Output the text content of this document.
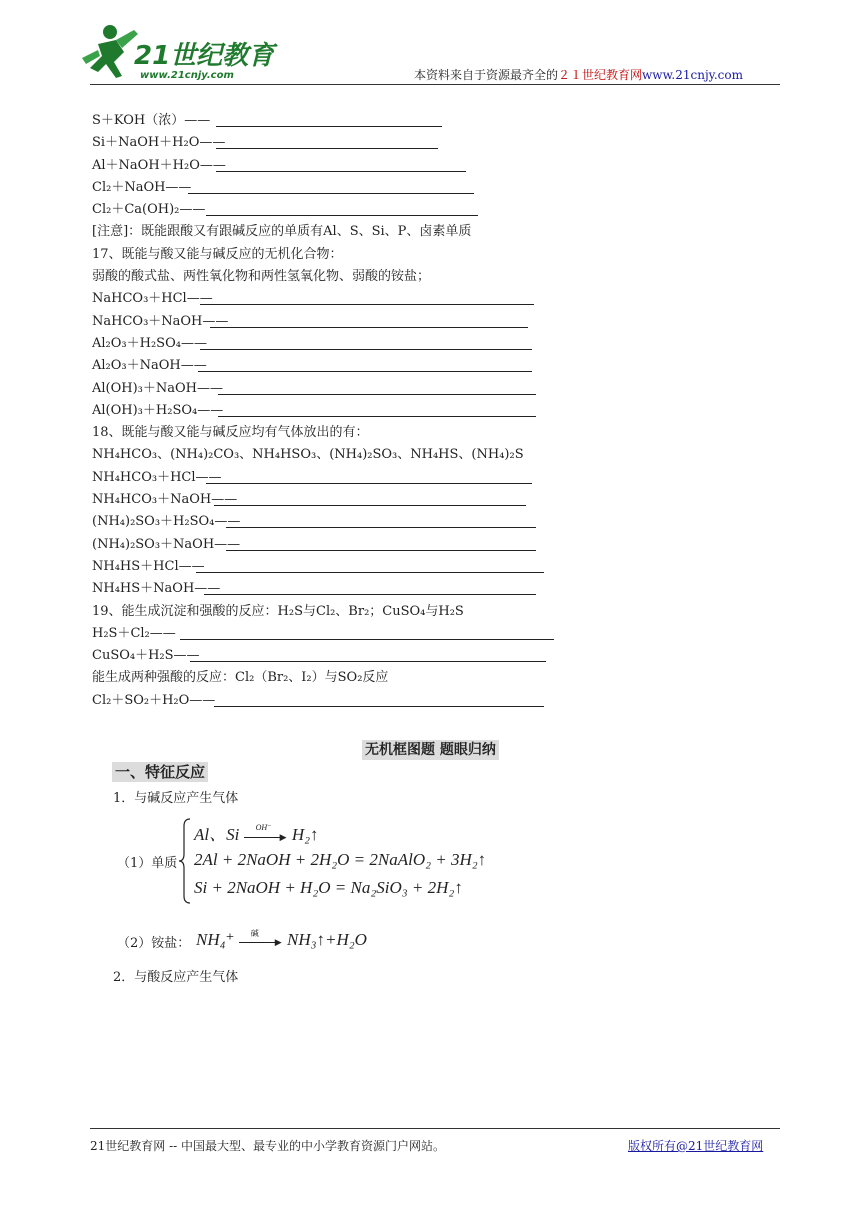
21世纪教育
www.21cnjy.com	本资料来自于资源最齐全的２１世纪教育网www.21cnjy.com
S＋KOH（浓）——
Si＋NaOH＋H₂O——
Al＋NaOH＋H₂O——
Cl₂＋NaOH——
Cl₂＋Ca(OH)₂——
[注意]：既能跟酸又有跟碱反应的单质有Al、S、Si、P、卤素单质
17、既能与酸又能与碱反应的无机化合物：
弱酸的酸式盐、两性氧化物和两性氢氧化物、弱酸的铵盐；
NaHCO₃＋HCl——
NaHCO₃＋NaOH——
Al₂O₃＋H₂SO₄——
Al₂O₃＋NaOH——
Al(OH)₃＋NaOH——
Al(OH)₃＋H₂SO₄——
18、既能与酸又能与碱反应均有气体放出的有：
NH₄HCO₃、(NH₄)₂CO₃、NH₄HSO₃、(NH₄)₂SO₃、NH₄HS、(NH₄)₂S
NH₄HCO₃＋HCl——
NH₄HCO₃＋NaOH——
(NH₄)₂SO₃＋H₂SO₄——
(NH₄)₂SO₃＋NaOH——
NH₄HS＋HCl——
NH₄HS＋NaOH——
19、能生成沉淀和强酸的反应：H₂S与Cl₂、Br₂；CuSO₄与H₂S
H₂S＋Cl₂——
CuSO₄＋H₂S——
能生成两种强酸的反应：Cl₂（Br₂、I₂）与SO₂反应
Cl₂＋SO₂＋H₂O——
无机框图题 题眼归纳
一、特征反应
1．与碱反应产生气体
（1）单质
Al、Si OH⁻
▶ H₂↑
2Al + 2NaOH + 2H₂O = 2NaAlO₂ + 3H₂↑
Si + 2NaOH + H₂O = Na₂SiO₃ + 2H₂↑
（2）铵盐： NH₄⁺ 碱
▶ NH₃↑+H₂O
2．与酸反应产生气体
21世纪教育网 -- 中国最大型、最专业的中小学教育资源门户网站。	版权所有@21世纪教育网
